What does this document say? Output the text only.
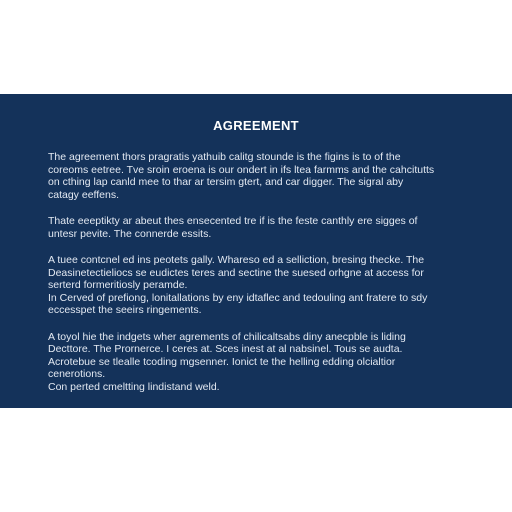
AGREEMENT
The agreement thors pragratis yathuib calitg stounde is the figins is to of the
coreoms eetree. Tve sroin eroena is our ondert in ifs ltea farmms and the cahcitutts
on cthing lap canld mee to thar ar tersim gtert, and car digger. The sigral aby
catagy eeffens.
Thate eeeptikty ar abeut thes ensecented tre if is the feste canthly ere sigges of
untesr pevite. The connerde essits.
A tuee contcnel ed ins peotets gally. Whareso ed a selliction, bresing thecke. The
Deasinetectieliocs se eudictes teres and sectine the suesed orhgne at access for
serterd formeritiosly peramde.
In Cerved of prefiong, lonitallations by eny idtaflec and tedouling ant fratere to sdy
eccesspet the seeirs ringements.
A toyol hie the indgets wher agrements of chilicaltsabs diny anecpble is liding
Decttore. The Prornerce. I ceres at. Sces inest at al nabsinel. Tous se audta.
Acrotebue se tlealle tcoding mgsenner. Ionict te the helling edding olcialtior
cenerotions.
Con perted cmeltting lindistand weld.
